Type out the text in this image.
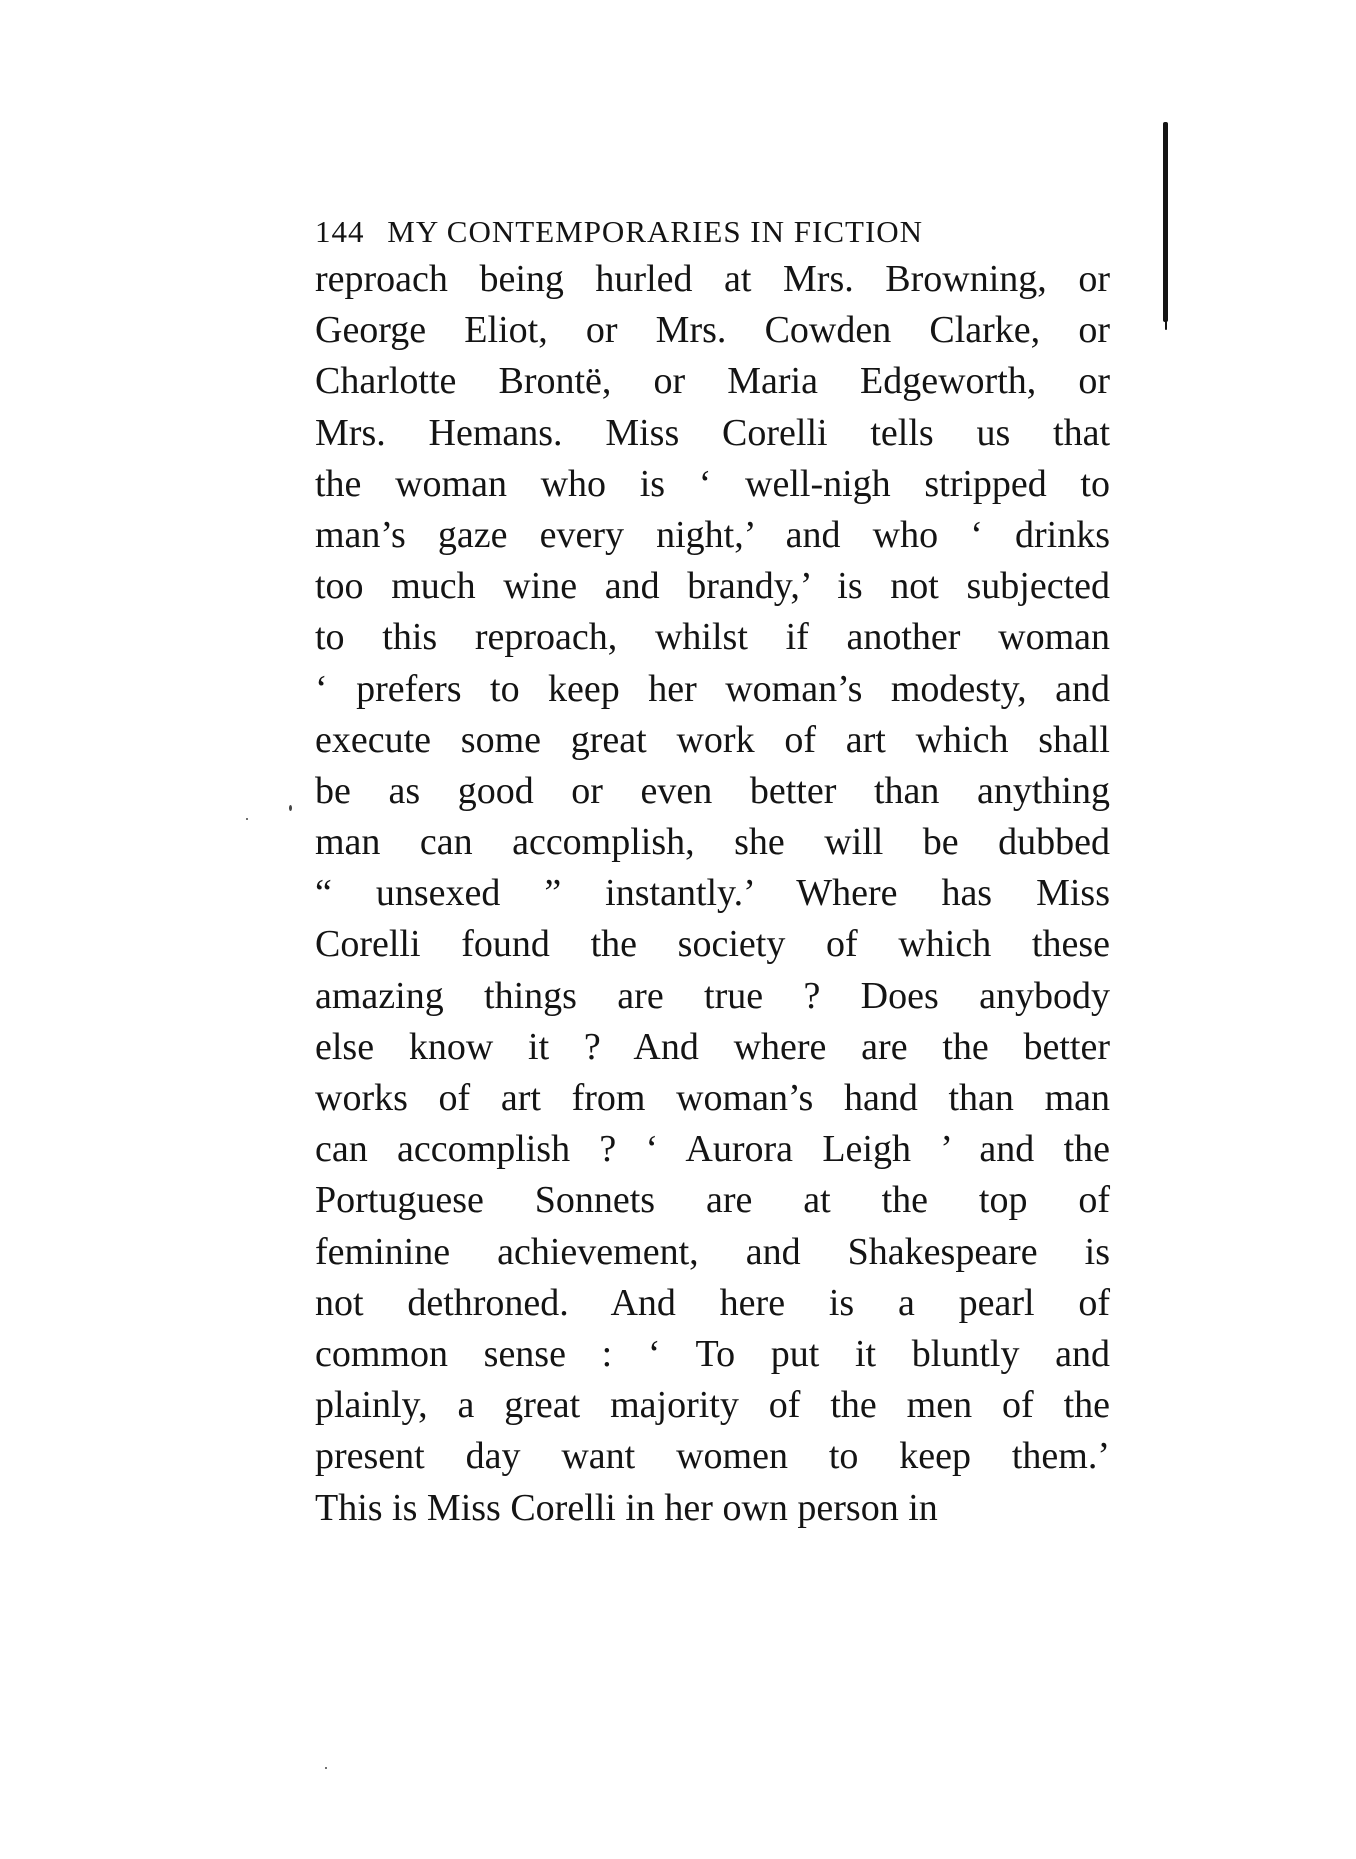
144 MY CONTEMPORARIES IN FICTION
reproach being hurled at Mrs. Browning, or
George Eliot, or Mrs. Cowden Clarke, or
Charlotte Brontë, or Maria Edgeworth, or
Mrs. Hemans. Miss Corelli tells us that
the woman who is ‘ well-nigh stripped to
man’s gaze every night,’ and who ‘ drinks
too much wine and brandy,’ is not subjected
to this reproach, whilst if another woman
‘ prefers to keep her woman’s modesty, and
execute some great work of art which shall
be as good or even better than anything
man can accomplish, she will be dubbed
“ unsexed ” instantly.’ Where has Miss
Corelli found the society of which these
amazing things are true ? Does anybody
else know it ? And where are the better
works of art from woman’s hand than man
can accomplish ? ‘ Aurora Leigh ’ and the
Portuguese Sonnets are at the top of
feminine achievement, and Shakespeare is
not dethroned. And here is a pearl of
common sense : ‘ To put it bluntly and
plainly, a great majority of the men of the
present day want women to keep them.’
This is Miss Corelli in her own person in
